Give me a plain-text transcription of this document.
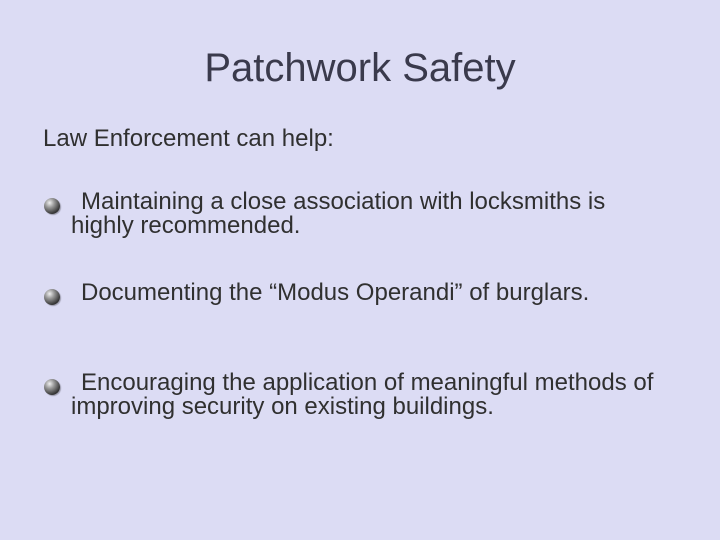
Patchwork Safety
Law Enforcement can help:
Maintaining a close association with locksmiths is highly recommended.
Documenting the “Modus Operandi” of burglars.
Encouraging the application of meaningful methods of improving security on existing buildings.
